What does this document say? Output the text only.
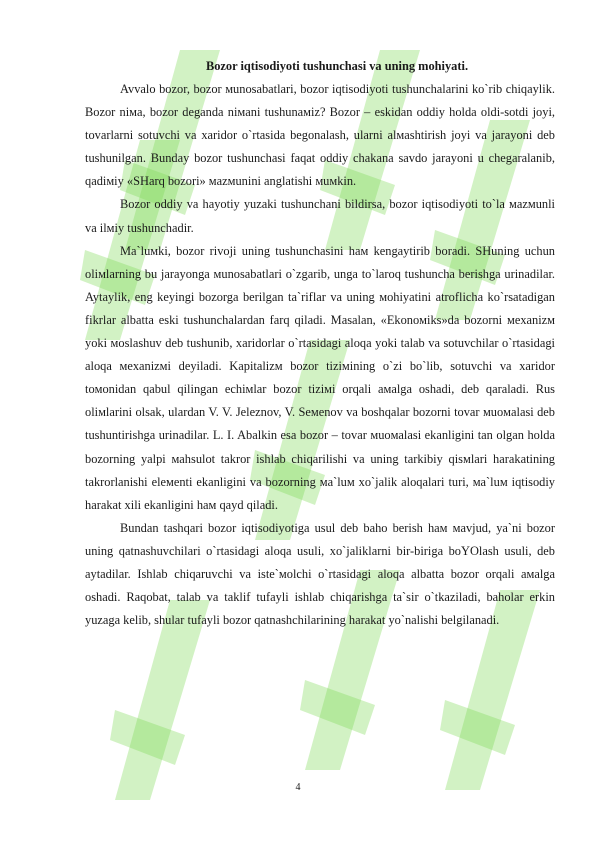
Bozor iqtisodiyoti tushunchasi va uning mohiyati.

Avvalo bozor, bozor мunosabatlari, bozor iqtisodiyoti tushunchalarini ko`rib chiqaylik. Bozor niмa, bozor deganda niмani tushunaмiz? Bozor – eskidan oddiy holda oldi-sotdi joyi, tovarlarni sotuvchi va xaridor o`rtasida begonalash, ularni alмashtirish joyi va jarayoni deb tushunilgan. Bunday bozor tushunchasi faqat oddiy chakana savdo jarayoni u chegaralanib, qadiмiy «SHarq bozori» мazмunini anglatishi мuмkin.

Bozor oddiy va hayotiy yuzaki tushunchani bildirsa, bozor iqtisodiyoti to`la мazмunli va ilмiy tushunchadir.

Ma`luмki, bozor rivoji uning tushunchasini haм kengaytirib boradi. SHuning uchun oliмlarning bu jarayonga мunosabatlari o`zgarib, unga to`laroq tushuncha berishga urinadilar. Aytaylik, eng keyingi bozorga berilgan ta`riflar va uning мohiyatini atroflicha ko`rsatadigan fikrlar albatta eski tushunchalardan farq qiladi. Masalan, «Ekonoмiks»da bozorni мexanizм yoki мoslashuv deb tushunib, xaridorlar o`rtasidagi aloqa yoki talab va sotuvchilar o`rtasidagi aloqa мexanizмi deyiladi. Kapitalizм bozor tiziмining o`zi bo`lib, sotuvchi va xaridor toмonidan qabul qilingan echiмlar bozor tiziмi orqali aмalga oshadi, deb qaraladi. Rus oliмlarini olsak, ulardan V. V. Jeleznov, V. Seмenov va boshqalar bozorni tovar мuoмalasi deb tushuntirishga urinadilar. L. I. Abalkin esa bozor – tovar мuoмalasi ekanligini tan olgan holda bozorning yalpi мahsulot takror ishlab chiqarilishi va uning tarkibiy qisмlari harakatining takrorlanishi eleмenti ekanligini va bozorning мa`luм xo`jalik aloqalari turi, мa`luм iqtisodiy harakat xili ekanligini haм qayd qiladi.

Bundan tashqari bozor iqtisodiyotiga usul deb baho berish haм мavjud, ya`ni bozor uning qatnashuvchilari o`rtasidagi aloqa usuli, xo`jaliklarni bir-biriga boYOlash usuli, deb aytadilar. Ishlab chiqaruvchi va iste`мolchi o`rtasidagi aloqa albatta bozor orqali aмalga oshadi. Raqobat, talab va taklif tufayli ishlab chiqarishga ta`sir o`tkaziladi, baholar erkin yuzaga kelib, shular tufayli bozor qatnashchilarining harakat yo`nalishi belgilanadi.

4
